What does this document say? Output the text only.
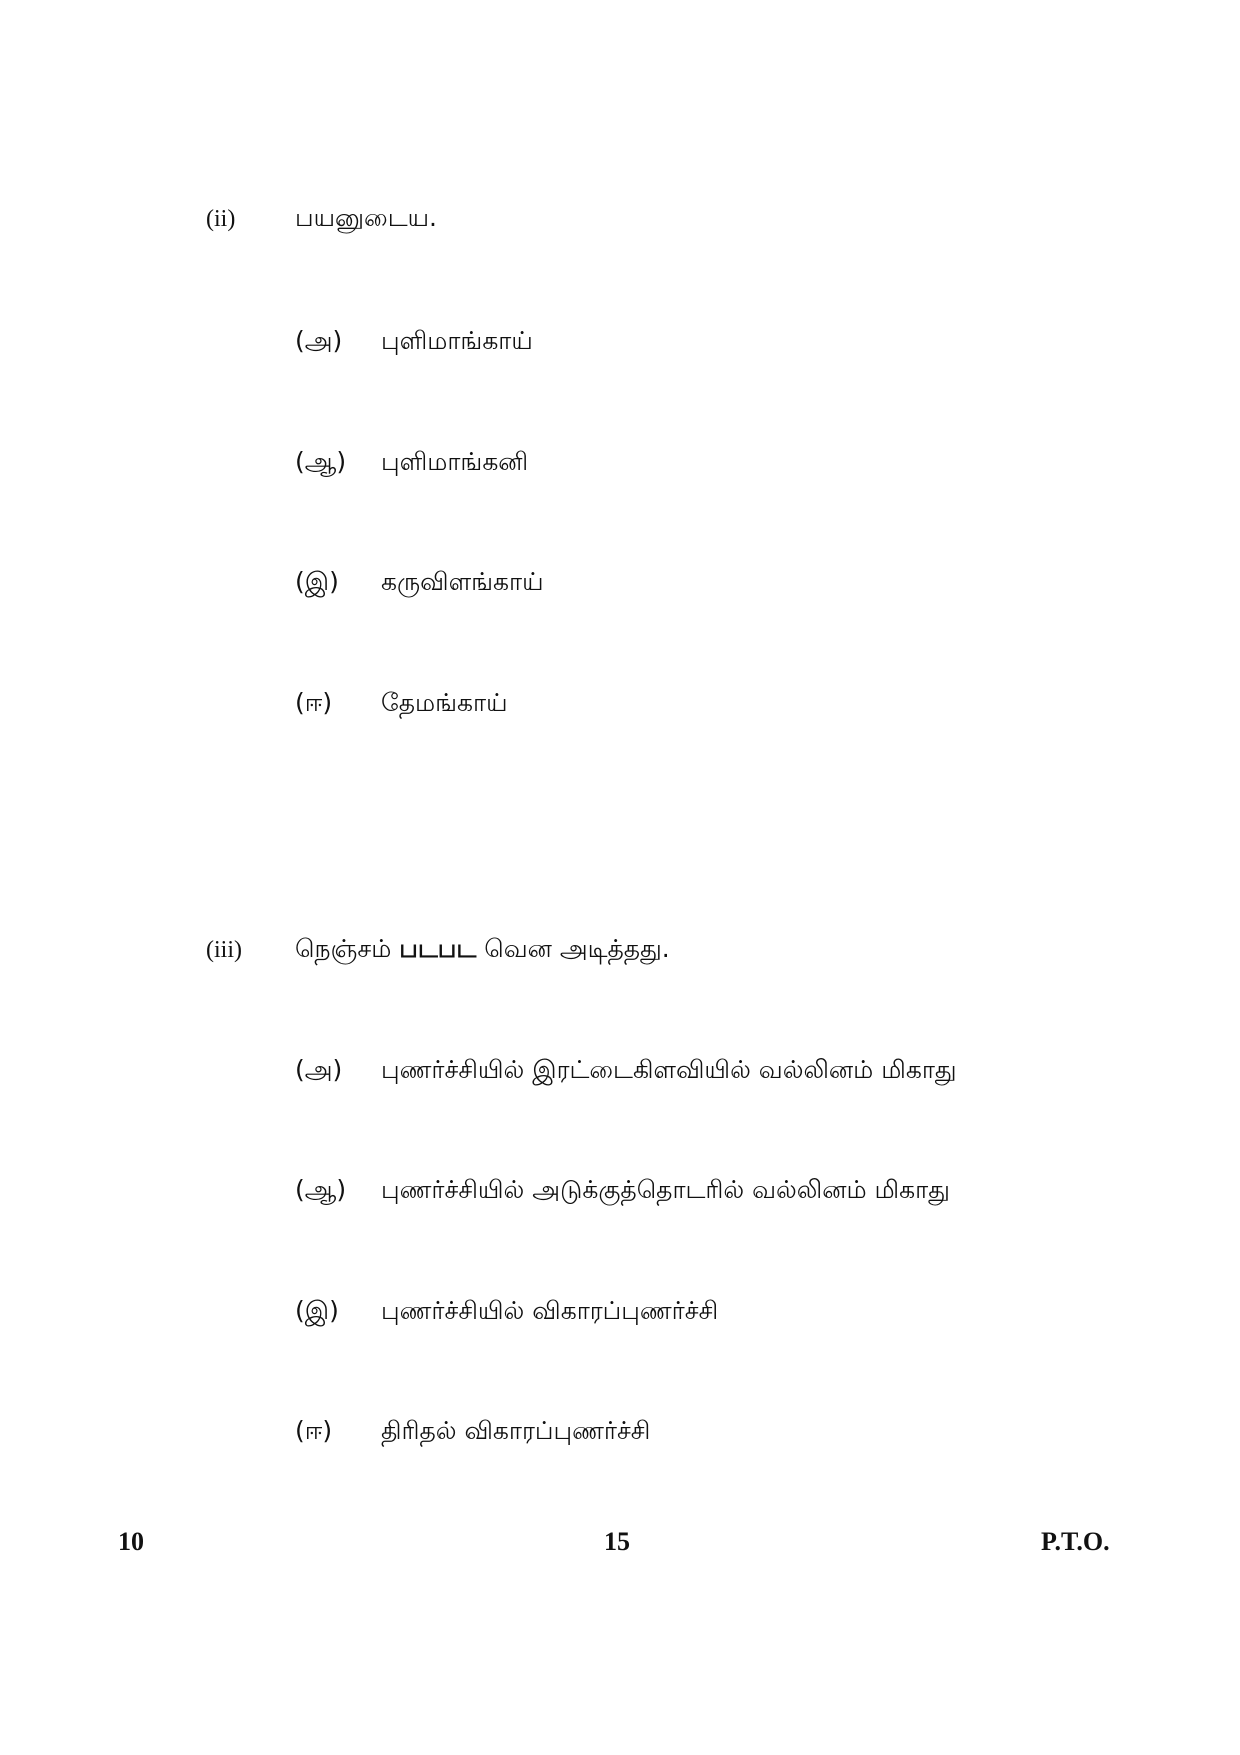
(ii) பயனுடைய.
(அ) புளிமாங்காய்
(ஆ) புளிமாங்கனி
(இ) கருவிளங்காய்
(ஈ) தேமங்காய்
(iii) நெஞ்சம் படபட வென அடித்தது.
(அ) புணர்ச்சியில் இரட்டைகிளவியில் வல்லினம் மிகாது
(ஆ) புணர்ச்சியில் அடுக்குத்தொடரில் வல்லினம் மிகாது
(இ) புணர்ச்சியில் விகாரப்புணர்ச்சி
(ஈ) திரிதல் விகாரப்புணர்ச்சி
10	15	P.T.O.
